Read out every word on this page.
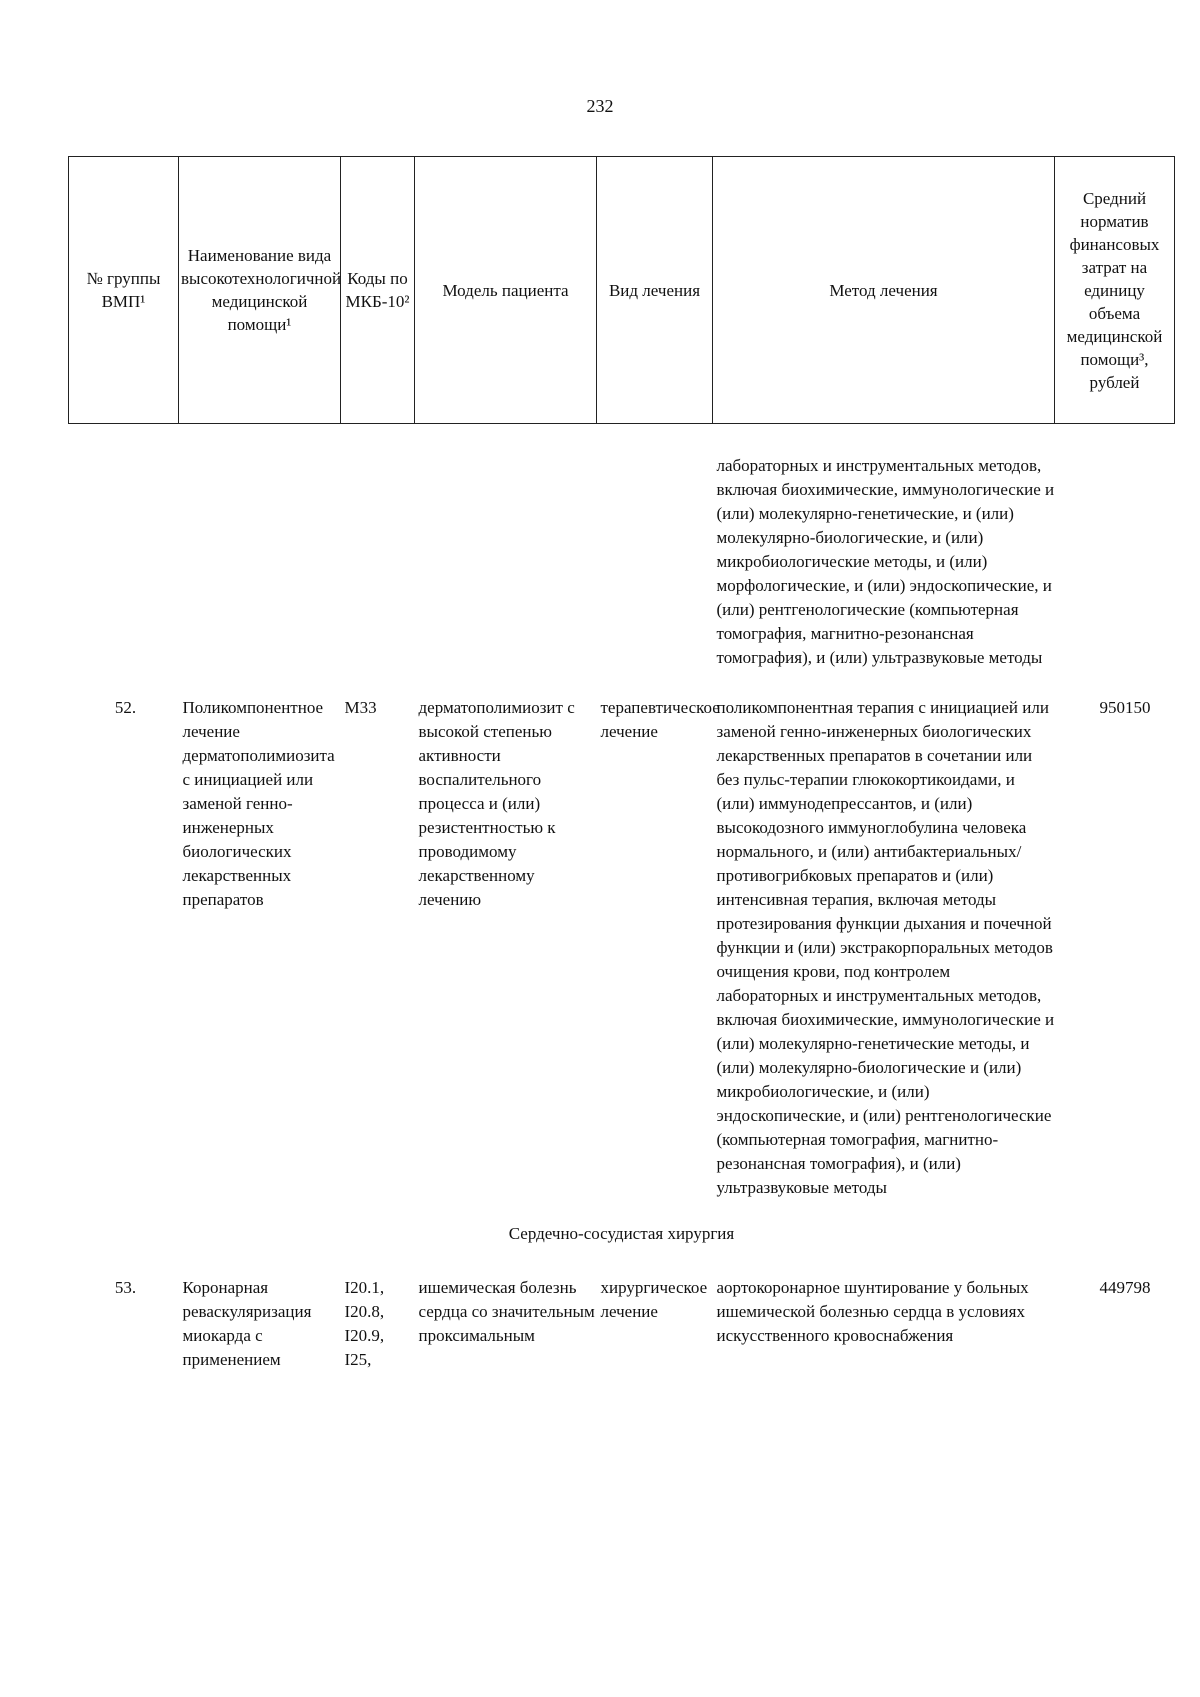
232
№ группы ВМП¹	Наименование вида высокотехнологичной медицинской помощи¹	Коды по МКБ-10²	Модель пациента	Вид лечения	Метод лечения	Средний норматив финансовых затрат на единицу объема медицинской помощи³, рублей
					лабораторных и инструментальных методов, включая биохимические, иммунологические и (или) молекулярно-генетические, и (или) молекулярно-биологические, и (или) микробиологические методы, и (или) морфологические, и (или) эндоскопические, и (или) рентгенологические (компьютерная томография, магнитно-резонансная томография), и (или) ультразвуковые методы	
52.	Поликомпонентное лечение дерматополимиозита с инициацией или заменой генно-инженерных биологических лекарственных препаратов	M33	дерматополимиозит с высокой степенью активности воспалительного процесса и (или) резистентностью к проводимому лекарственному лечению	терапевтическое лечение	поликомпонентная терапия с инициацией или заменой генно-инженерных биологических лекарственных препаратов в сочетании или без пульс-терапии глюкокортикоидами, и (или) иммунодепрессантов, и (или) высокодозного иммуноглобулина человека нормального, и (или) антибактериальных/противогрибковых препаратов и (или) интенсивная терапия, включая методы протезирования функции дыхания и почечной функции и (или) экстракорпоральных методов очищения крови, под контролем лабораторных и инструментальных методов, включая биохимические, иммунологические и (или) молекулярно-генетические методы, и (или) молекулярно-биологические и (или) микробиологические, и (или) эндоскопические, и (или) рентгенологические (компьютерная томография, магнитно-резонансная томография), и (или) ультразвуковые методы	950150
Сердечно-сосудистая хирургия						
53.	Коронарная реваскуляризация миокарда с применением	I20.1,
I20.8,
I20.9,
I25,	ишемическая болезнь сердца со значительным проксимальным	хирургическое лечение	аортокоронарное шунтирование у больных ишемической болезнью сердца в условиях искусственного кровоснабжения	449798
